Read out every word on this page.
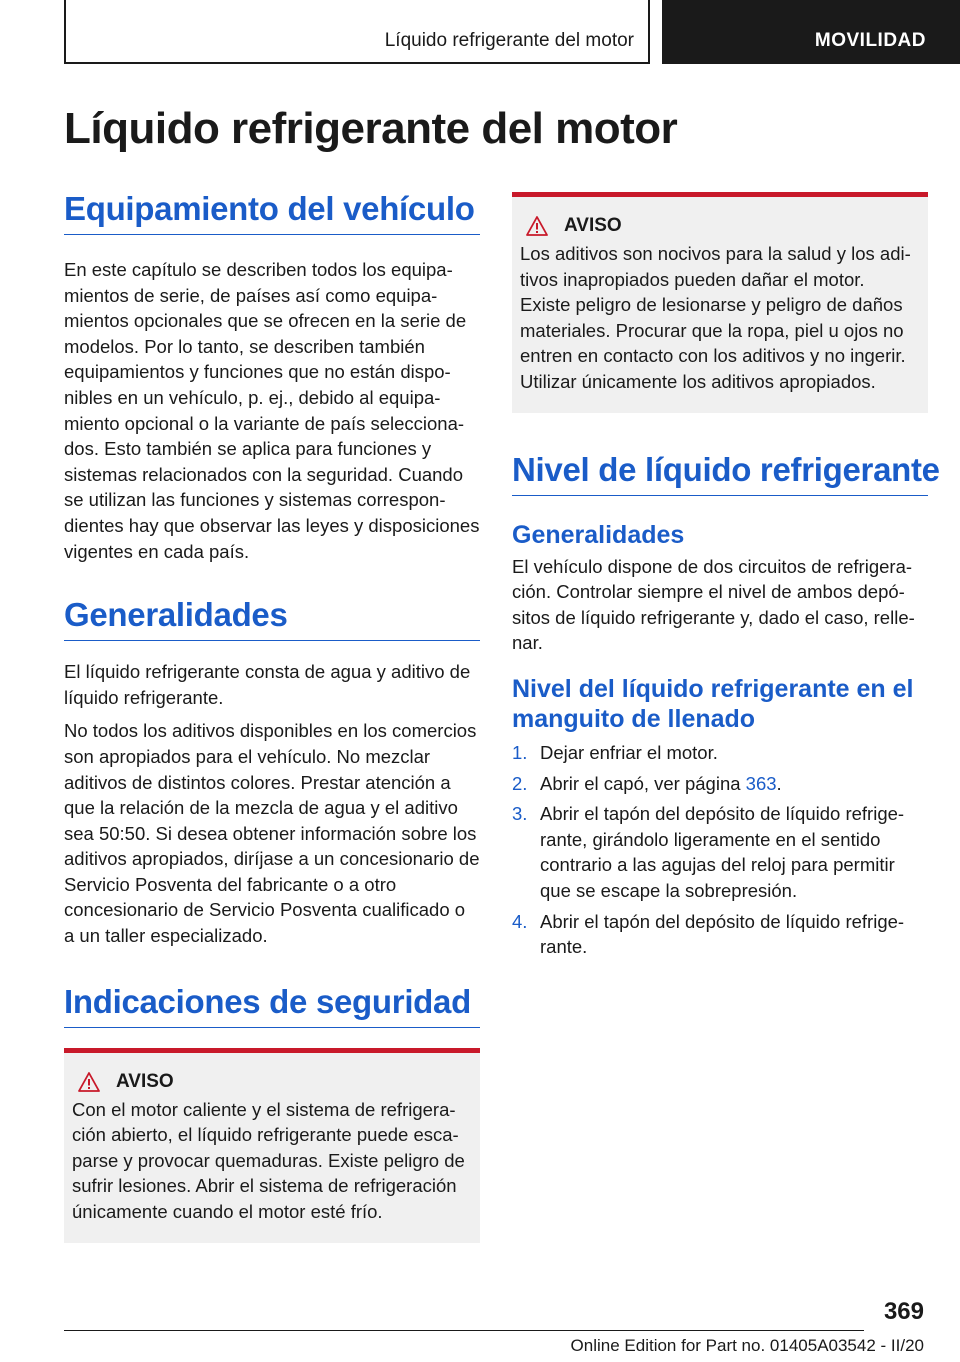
Líquido refrigerante del motor	MOVILIDAD
Líquido refrigerante del motor
Equipamiento del vehículo

En este capítulo se describen todos los equipamientos de serie, de países así como equipamientos opcionales que se ofrecen en la serie de modelos. Por lo tanto, se describen también equipamientos y funciones que no están disponibles en un vehículo, p. ej., debido al equipamiento opcional o la variante de país seleccionados. Esto también se aplica para funciones y sistemas relacionados con la seguridad. Cuando se utilizan las funciones y sistemas correspondientes hay que observar las leyes y disposiciones vigentes en cada país.

Generalidades

El líquido refrigerante consta de agua y aditivo de líquido refrigerante.

No todos los aditivos disponibles en los comercios son apropiados para el vehículo. No mezclar aditivos de distintos colores. Prestar atención a que la relación de la mezcla de agua y el aditivo sea 50:50. Si desea obtener información sobre los aditivos apropiados, diríjase a un concesionario de Servicio Posventa del fabricante o a otro concesionario de Servicio Posventa cualificado o a un taller especializado.

Indicaciones de seguridad
AVISO

Con el motor caliente y el sistema de refrigeración abierto, el líquido refrigerante puede escaparse y provocar quemaduras. Existe peligro de sufrir lesiones. Abrir el sistema de refrigeración únicamente cuando el motor esté frío.

AVISO

Los aditivos son nocivos para la salud y los aditivos inapropiados pueden dañar el motor. Existe peligro de lesionarse y peligro de daños materiales. Procurar que la ropa, piel u ojos no entren en contacto con los aditivos y no ingerir. Utilizar únicamente los aditivos apropiados.

Nivel de líquido refrigerante
Generalidades

El vehículo dispone de dos circuitos de refrigeración. Controlar siempre el nivel de ambos depósitos de líquido refrigerante y, dado el caso, rellenar.

Nivel del líquido refrigerante en el manguito de llenado
1. Dejar enfriar el motor.
2. Abrir el capó, ver página 363.
3. Abrir el tapón del depósito de líquido refrigerante, girándolo ligeramente en el sentido contrario a las agujas del reloj para permitir que se escape la sobrepresión.
4. Abrir el tapón del depósito de líquido refrigerante.
369
Online Edition for Part no. 01405A03542 - II/20
